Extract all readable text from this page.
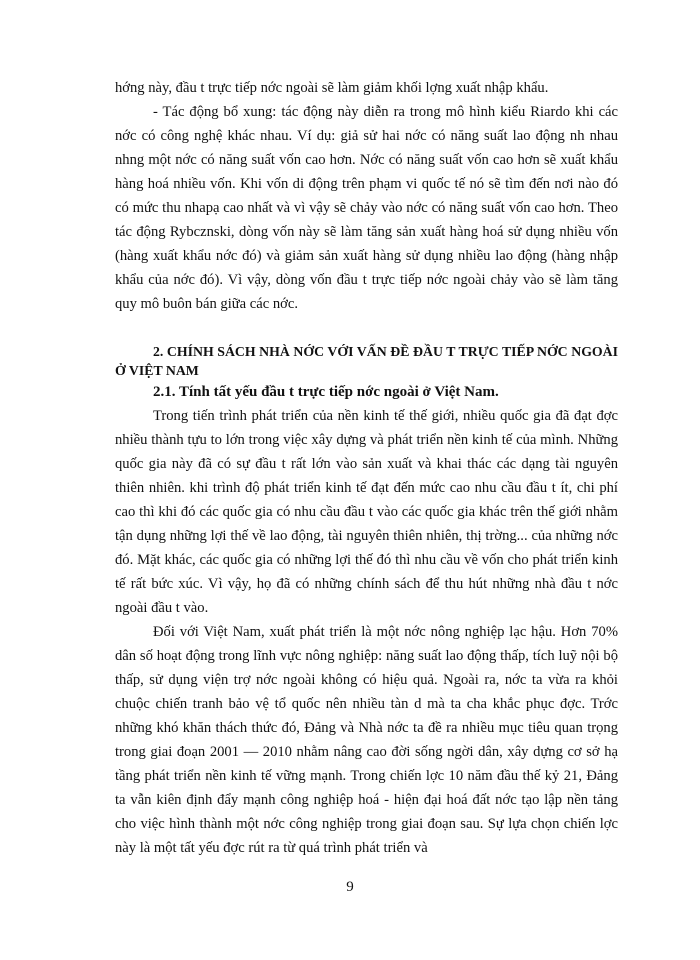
hớng này, đầu t trực tiếp nớc ngoài sẽ làm giảm khối lợng xuất nhập khẩu.

- Tác động bổ xung: tác động này diễn ra trong mô hình kiểu Riardo khi các nớc có công nghệ khác nhau. Ví dụ: giả sử hai nớc có năng suất lao động nh nhau nhng một nớc có năng suất vốn cao hơn. Nớc có năng suất vốn cao hơn sẽ xuất khẩu hàng hoá nhiều vốn. Khi vốn di động trên phạm vi quốc tế nó sẽ tìm đến nơi nào đó có mức thu nhapạ cao nhất và vì vậy sẽ chảy vào nớc có năng suất vốn cao hơn. Theo tác động Rybcznski, dòng vốn này sẽ làm tăng sản xuất hàng hoá sử dụng nhiều vốn (hàng xuất khẩu nớc đó) và giảm sản xuất hàng sử dụng nhiều lao động (hàng nhập khẩu của nớc đó). Vì vậy, dòng vốn đầu t trực tiếp nớc ngoài chảy vào sẽ làm tăng quy mô buôn bán giữa các nớc.

2. CHÍNH SÁCH NHÀ NỚC VỚI VẤN ĐỀ ĐẦU T TRỰC TIẾP NỚC NGOÀI Ở VIỆT NAM
2.1. Tính tất yếu đầu t trực tiếp nớc ngoài ở Việt Nam.

Trong tiến trình phát triển của nền kinh tế thế giới, nhiều quốc gia đã đạt đợc nhiều thành tựu to lớn trong việc xây dựng và phát triển nền kinh tế của mình. Những quốc gia này đã có sự đầu t rất lớn vào sản xuất và khai thác các dạng tài nguyên thiên nhiên. khi trình độ phát triển kinh tế đạt đến mức cao nhu cầu đầu t ít, chi phí cao thì khi đó các quốc gia có nhu cầu đầu t vào các quốc gia khác trên thế giới nhằm tận dụng những lợi thế về lao động, tài nguyên thiên nhiên, thị trờng... của những nớc đó. Mặt khác, các quốc gia có những lợi thế đó thì nhu cầu về vốn cho phát triển kinh tế rất bức xúc. Vì vậy, họ đã có những chính sách để thu hút những nhà đầu t nớc ngoài đầu t vào.

Đối với Việt Nam, xuất phát triển là một nớc nông nghiệp lạc hậu. Hơn 70% dân số hoạt động trong lĩnh vực nông nghiệp: năng suất lao động thấp, tích luỹ nội bộ thấp, sử dụng viện trợ nớc ngoài không có hiệu quả. Ngoài ra, nớc ta vừa ra khỏi chuộc chiến tranh bảo vệ tổ quốc nên nhiều tàn d mà ta cha khắc phục đợc. Trớc những khó khăn thách thức đó, Đảng và Nhà nớc ta đề ra nhiều mục tiêu quan trọng trong giai đoạn 2001 — 2010 nhằm nâng cao đời sống ngời dân, xây dựng cơ sở hạ tầng phát triển nền kinh tế vững mạnh. Trong chiến lợc 10 năm đầu thế kỷ 21, Đảng ta vẫn kiên định đẩy mạnh công nghiệp hoá - hiện đại hoá đất nớc tạo lập nền tảng cho việc hình thành một nớc công nghiệp trong giai đoạn sau. Sự lựa chọn chiến lợc này là một tất yếu đợc rút ra từ quá trình phát triển và

9
